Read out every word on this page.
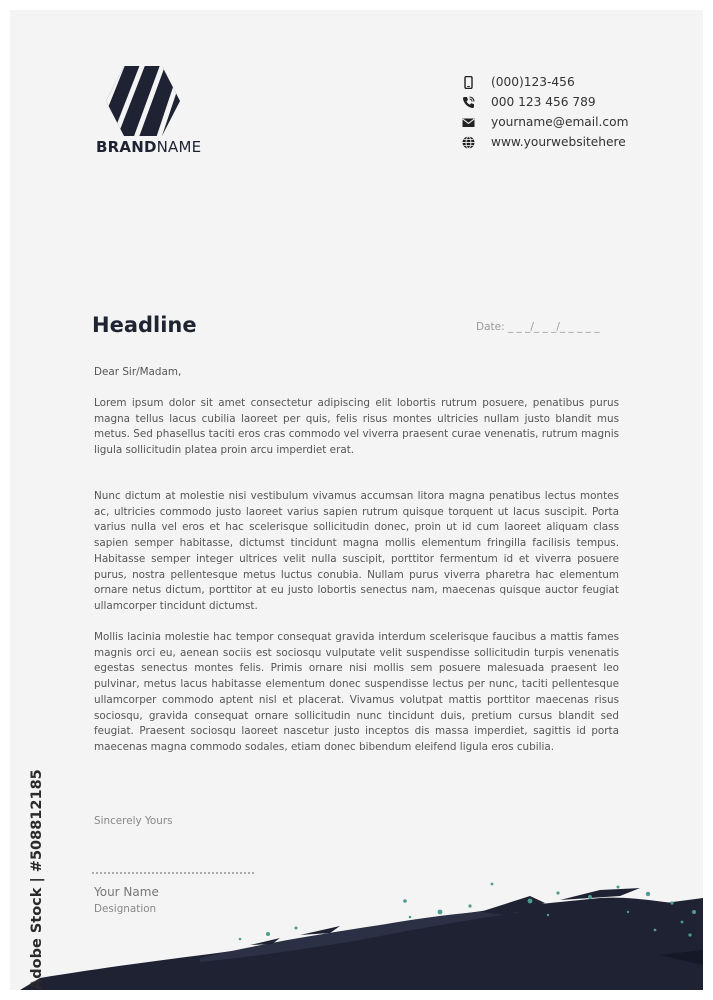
BRANDNAME
(000)123-456
000 123 456 789
yourname@email.com
www.yourwebsitehere
Headline	Date: _ _ _/_ _ _/_ _ _ _ _
Dear Sir/Madam,

Lorem ipsum dolor sit amet consectetur adipiscing elit lobortis rutrum posuere, penatibus purus magna tellus lacus cubilia laoreet per quis, felis risus montes ultricies nullam justo blandit mus metus. Sed phasellus taciti eros cras commodo vel viverra praesent curae venenatis, rutrum magnis ligula sollicitudin platea proin arcu imperdiet erat.

Nunc dictum at molestie nisi vestibulum vivamus accumsan litora magna penatibus lectus montes ac, ultricies commodo justo laoreet varius sapien rutrum quisque torquent ut lacus suscipit. Porta varius nulla vel eros et hac scelerisque sollicitudin donec, proin ut id cum laoreet aliquam class sapien semper habitasse, dictumst tincidunt magna mollis elementum fringilla facilisis tempus. Habitasse semper integer ultrices velit nulla suscipit, porttitor fermentum id et viverra posuere purus, nostra pellentesque metus luctus conubia. Nullam purus viverra pharetra hac elementum ornare netus dictum, porttitor at eu justo lobortis senectus nam, maecenas quisque auctor feugiat ullamcorper tincidunt dictumst.

Mollis lacinia molestie hac tempor consequat gravida interdum scelerisque faucibus a mattis fames magnis orci eu, aenean sociis est sociosqu vulputate velit suspendisse sollicitudin turpis venenatis egestas senectus montes felis. Primis ornare nisi mollis sem posuere malesuada praesent leo pulvinar, metus lacus habitasse elementum donec suspendisse lectus per nunc, taciti pellentesque ullamcorper commodo aptent nisl et placerat. Vivamus volutpat mattis porttitor maecenas risus sociosqu, gravida consequat ornare sollicitudin nunc tincidunt duis, pretium cursus blandit sed feugiat. Praesent sociosqu laoreet nascetur justo inceptos dis massa imperdiet, sagittis id porta maecenas magna commodo sodales, etiam donec bibendum eleifend ligula eros cubilia.

Sincerely Yours
Your Name
Designation
Adobe Stock | #508812185
